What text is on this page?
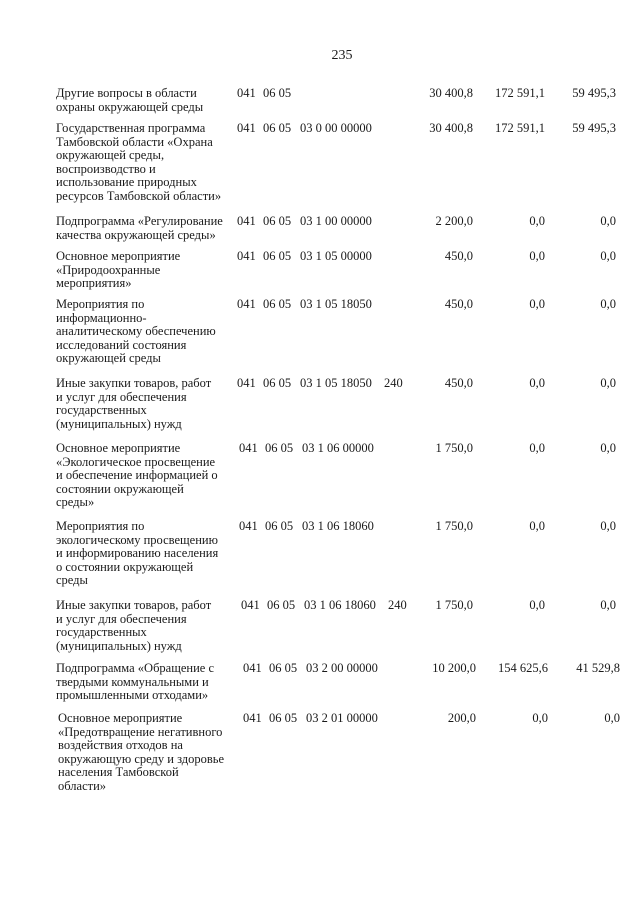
235
Другие вопросы в области
охраны окружающей среды
041 06 05	30 400,8	172 591,1	59 495,3
Государственная программа
Тамбовской области «Охрана
окружающей среды,
воспроизводство и
использование природных
ресурсов Тамбовской области»
041 06 05 03 0 00 00000	30 400,8	172 591,1	59 495,3
Подпрограмма «Регулирование
качества окружающей среды»
041 06 05 03 1 00 00000	2 200,0	0,0	0,0
Основное мероприятие
«Природоохранные
мероприятия»
041 06 05 03 1 05 00000	450,0	0,0	0,0
Мероприятия по
информационно-
аналитическому обеспечению
исследований состояния
окружающей среды
041 06 05 03 1 05 18050	450,0	0,0	0,0
Иные закупки товаров, работ
и услуг для обеспечения
государственных
(муниципальных) нужд
041 06 05 03 1 05 18050 240	450,0	0,0	0,0
Основное мероприятие
«Экологическое просвещение
и обеспечение информацией о
состоянии окружающей
среды»
041 06 05 03 1 06 00000	1 750,0	0,0	0,0
Мероприятия по
экологическому просвещению
и информированию населения
о состоянии окружающей
среды
041 06 05 03 1 06 18060	1 750,0	0,0	0,0
Иные закупки товаров, работ
и услуг для обеспечения
государственных
(муниципальных) нужд
041 06 05 03 1 06 18060 240	1 750,0	0,0	0,0
Подпрограмма «Обращение с
твердыми коммунальными и
промышленными отходами»
041 06 05 03 2 00 00000	10 200,0	154 625,6	41 529,8
Основное мероприятие
«Предотвращение негативного
воздействия отходов на
окружающую среду и здоровье
населения Тамбовской
области»
041 06 05 03 2 01 00000	200,0	0,0	0,0
